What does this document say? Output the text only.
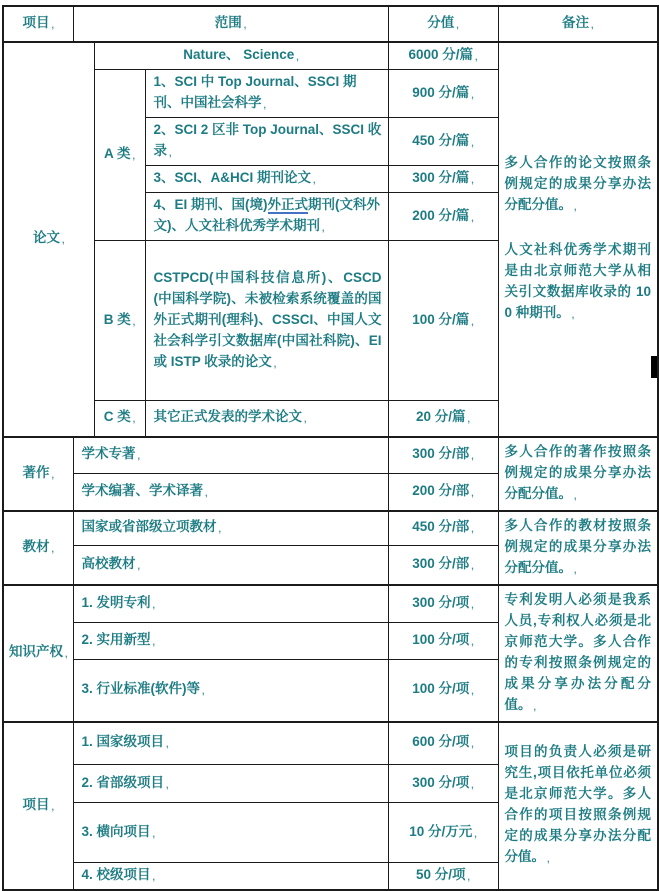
项目 ,	范围 ,			分值 ,	备注 ,
论文 ,		Nature、 Science ,		6000 分/篇 ,	多人合作的论文按照条例规定的成果分享办法分配分值。 ,
人文社科优秀学术期刊是由北京师范大学从相关引文数据库收录的 100 种期刊。 ,

		A 类 ,	1、SCI 中 Top Journal、SSCI 期刊、中国社会科学 ,	900 分/篇 ,
			2、SCI 2 区非 Top Journal、SSCI 收录 ,	450 分/篇 ,
			3、SCI、A&HCI 期刊论文 ,	300 分/篇 ,
			4、EI 期刊、国(境)外正式期刊(文科外文)、人文社科优秀学术期刊 ,	200 分/篇 ,
		B 类 ,	CSTPCD(中国科技信息所)、CSCD(中国科学院)、未被检索系统覆盖的国外正式期刊(理科)、CSSCI、中国人文社会科学引文数据库(中国社科院)、EI 或 ISTP 收录的论文 ,	100 分/篇 ,
		C 类 ,	其它正式发表的学术论文 ,	20 分/篇 ,
著作 ,	学术专著 ,			300 分/部 ,	多人合作的著作按照条例规定的成果分享办法分配分值。 ,

	学术编著、学术译著 ,			200 分/部 ,
教材 ,	国家或省部级立项教材 ,			450 分/部 ,	多人合作的教材按照条例规定的成果分享办法分配分值。 ,

	高校教材 ,			300 分/部 ,
知识产权 ,	1. 发明专利 ,			300 分/项 ,	专利发明人必须是我系人员,专利权人必须是北京师范大学。多人合作的专利按照条例规定的成果分享办法分配分值。 ,

	2. 实用新型 ,			100 分/项 ,
	3. 行业标准(软件)等 ,			100 分/项 ,
项目 ,	1. 国家级项目 ,			600 分/项 ,	项目的负责人必须是研究生,项目依托单位必须是北京师范大学。多人合作的项目按照条例规定的成果分享办法分配分值。 ,

	2. 省部级项目 ,			300 分/项 ,
	3. 横向项目 ,			10 分/万元 ,
	4. 校级项目 ,			50 分/项 ,
